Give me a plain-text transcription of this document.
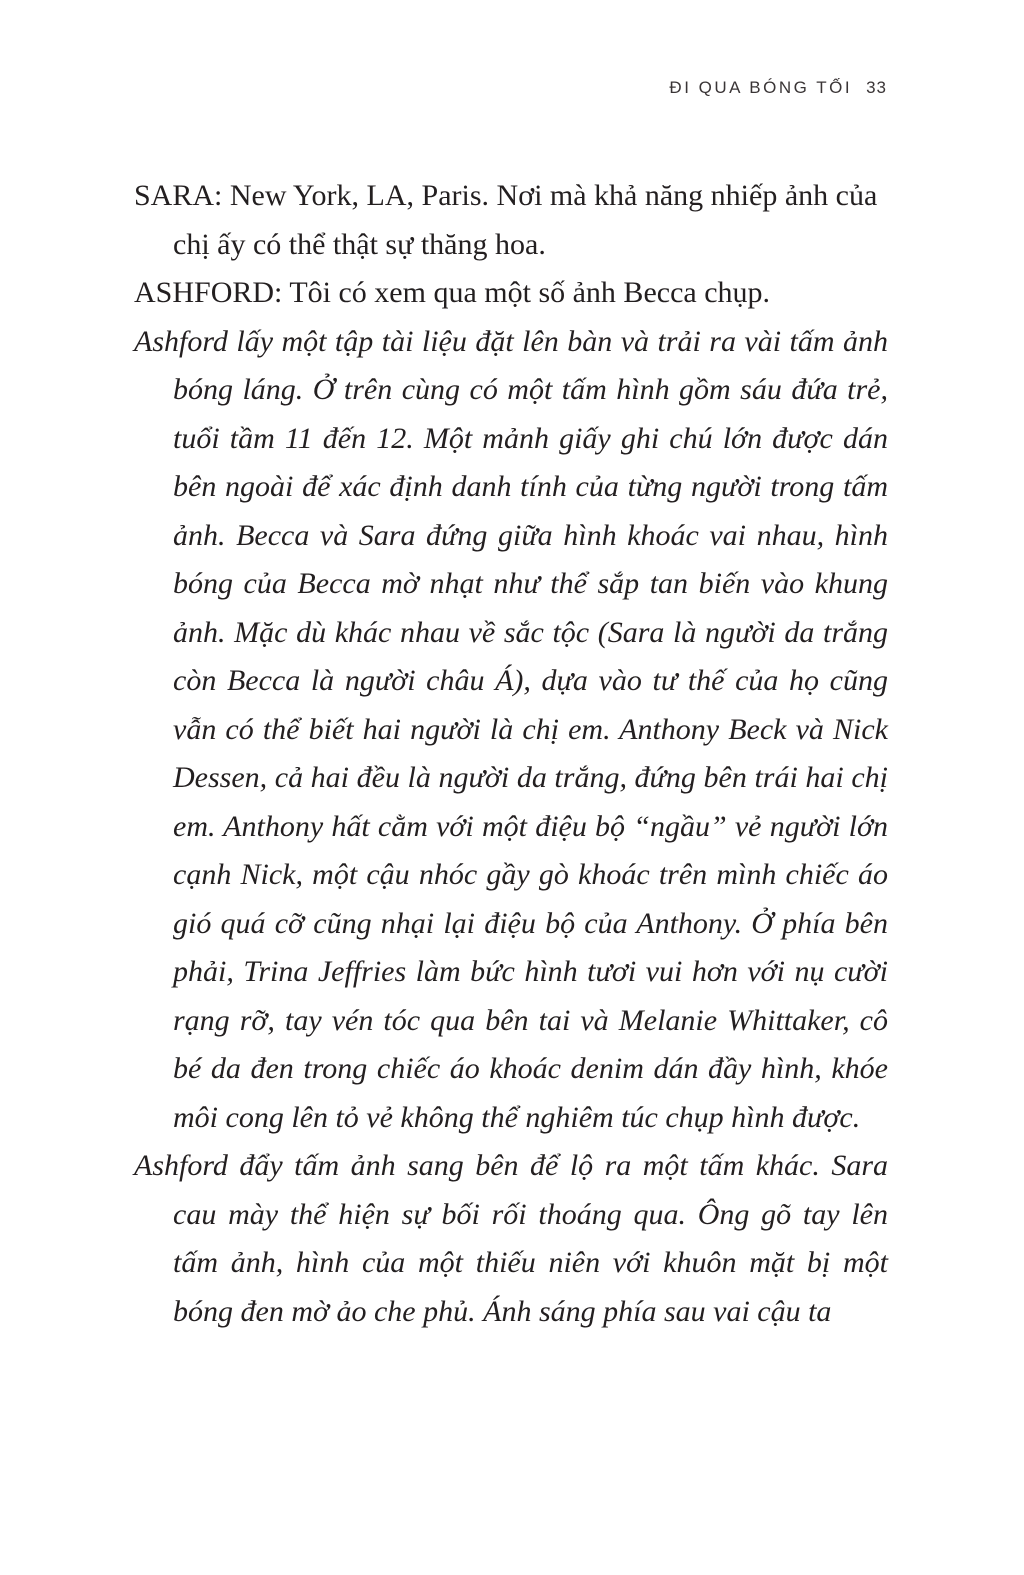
ĐI QUA BÓNG TỐI 33

SARA: New York, LA, Paris. Nơi mà khả năng nhiếp ảnh của chị ấy có thể thật sự thăng hoa.

ASHFORD: Tôi có xem qua một số ảnh Becca chụp.

Ashford lấy một tập tài liệu đặt lên bàn và trải ra vài tấm ảnh bóng láng. Ở trên cùng có một tấm hình gồm sáu đứa trẻ, tuổi tầm 11 đến 12. Một mảnh giấy ghi chú lớn được dán bên ngoài để xác định danh tính của từng người trong tấm ảnh. Becca và Sara đứng giữa hình khoác vai nhau, hình bóng của Becca mờ nhạt như thể sắp tan biến vào khung ảnh. Mặc dù khác nhau về sắc tộc (Sara là người da trắng còn Becca là người châu Á), dựa vào tư thế của họ cũng vẫn có thể biết hai người là chị em. Anthony Beck và Nick Dessen, cả hai đều là người da trắng, đứng bên trái hai chị em. Anthony hất cằm với một điệu bộ “ngầu” vẻ người lớn cạnh Nick, một cậu nhóc gầy gò khoác trên mình chiếc áo gió quá cỡ cũng nhại lại điệu bộ của Anthony. Ở phía bên phải, Trina Jeffries làm bức hình tươi vui hơn với nụ cười rạng rỡ, tay vén tóc qua bên tai và Melanie Whittaker, cô bé da đen trong chiếc áo khoác denim dán đầy hình, khóe môi cong lên tỏ vẻ không thể nghiêm túc chụp hình được.

Ashford đẩy tấm ảnh sang bên để lộ ra một tấm khác. Sara cau mày thể hiện sự bối rối thoáng qua. Ông gõ tay lên tấm ảnh, hình của một thiếu niên với khuôn mặt bị một bóng đen mờ ảo che phủ. Ánh sáng phía sau vai cậu ta
